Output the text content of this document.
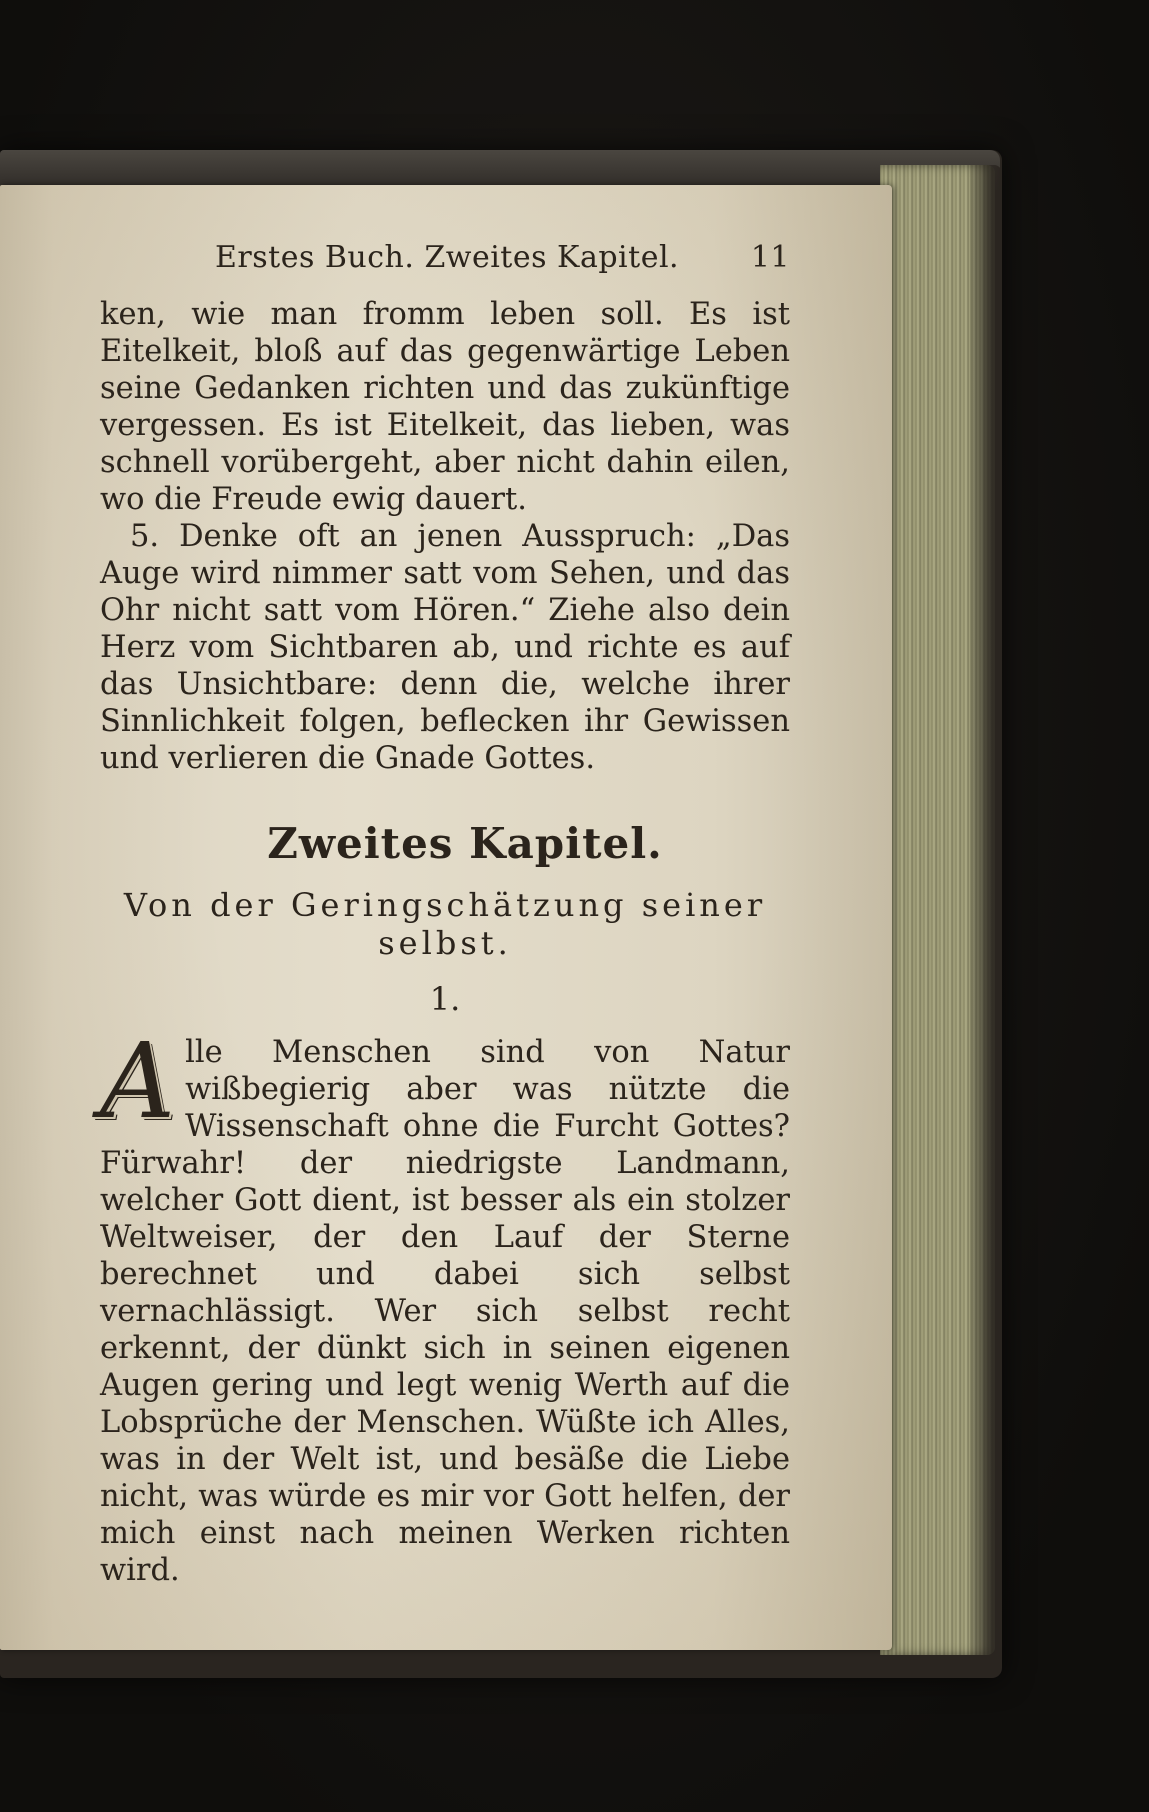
Erstes Buch. Zweites Kapitel. 11

ken, wie man fromm leben soll. Es ist Eitelkeit, bloß auf das gegenwärtige Leben seine Gedanken richten und das zukünftige vergessen. Es ist Eitelkeit, das lieben, was schnell vorübergeht, aber nicht dahin eilen, wo die Freude ewig dauert.

5. Denke oft an jenen Ausspruch: „Das Auge wird nimmer satt vom Sehen, und das Ohr nicht satt vom Hören.“ Ziehe also dein Herz vom Sichtbaren ab, und richte es auf das Unsichtbare: denn die, welche ihrer Sinnlichkeit folgen, beflecken ihr Gewissen und verlieren die Gnade Gottes.

Zweites Kapitel.
Von der Geringschätzung seiner selbst.
1.
A lle Menschen sind von Natur wißbegierig aber was nützte die Wissenschaft ohne die Furcht Gottes? Fürwahr! der niedrigste Landmann, welcher Gott dient, ist besser als ein stolzer Weltweiser, der den Lauf der Sterne berechnet und dabei sich selbst vernachlässigt. Wer sich selbst recht erkennt, der dünkt sich in seinen eigenen Augen gering und legt wenig Werth auf die Lobsprüche der Menschen. Wüßte ich Alles, was in der Welt ist, und besäße die Liebe nicht, was würde es mir vor Gott helfen, der mich einst nach meinen Werken richten wird.
